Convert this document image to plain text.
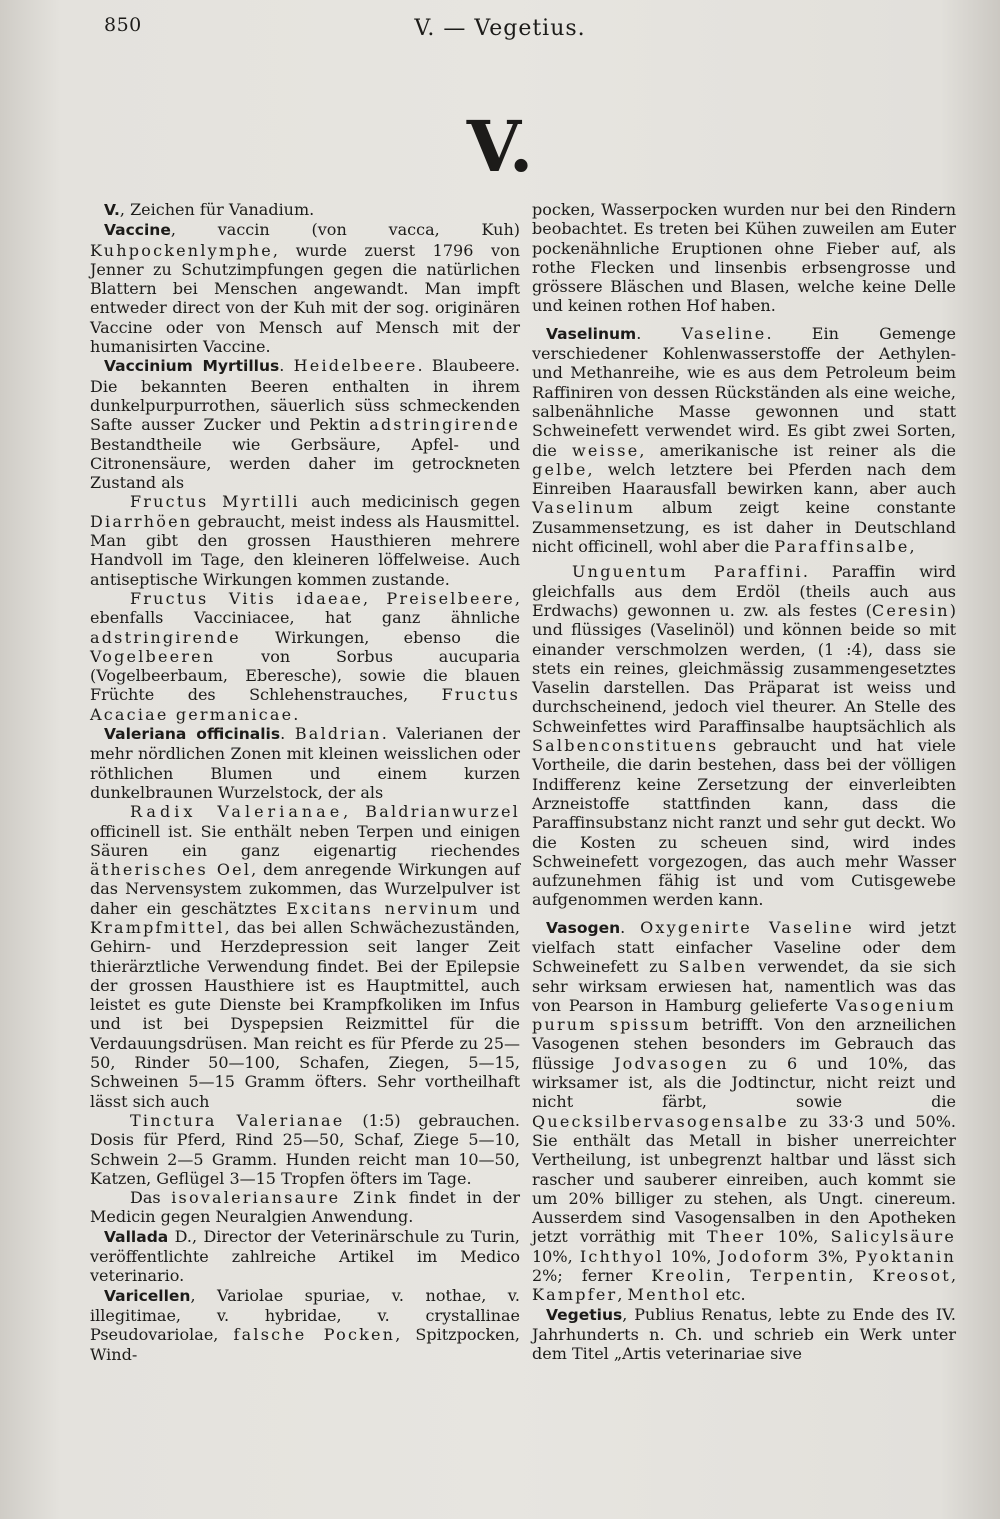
850	V. — Vegetius.
V.

V., Zeichen für Vanadium.

Vaccine, vaccin (von vacca, Kuh) Kuhpockenlymphe, wurde zuerst 1796 von Jenner zu Schutzimpfungen gegen die natürlichen Blattern bei Menschen angewandt. Man impft entweder direct von der Kuh mit der sog. originären Vaccine oder von Mensch auf Mensch mit der humanisirten Vaccine.

Vaccinium Myrtillus. Heidelbeere. Blaubeere. Die bekannten Beeren enthalten in ihrem dunkelpurpurrothen, säuerlich süss schmeckenden Safte ausser Zucker und Pektin adstringirende Bestandtheile wie Gerbsäure, Apfel- und Citronensäure, werden daher im getrockneten Zustand als

Fructus Myrtilli auch medicinisch gegen Diarrhöen gebraucht, meist indess als Hausmittel. Man gibt den grossen Hausthieren mehrere Handvoll im Tage, den kleineren löffelweise. Auch antiseptische Wirkungen kommen zustande.

Fructus Vitis idaeae, Preiselbeere, ebenfalls Vacciniacee, hat ganz ähnliche adstringirende Wirkungen, ebenso die Vogelbeeren von Sorbus aucuparia (Vogelbeerbaum, Eberesche), sowie die blauen Früchte des Schlehenstrauches, Fructus Acaciae germanicae.

Valeriana officinalis. Baldrian. Valerianen der mehr nördlichen Zonen mit kleinen weisslichen oder röthlichen Blumen und einem kurzen dunkelbraunen Wurzelstock, der als

Radix Valerianae, Baldrianwurzel officinell ist. Sie enthält neben Terpen und einigen Säuren ein ganz eigenartig riechendes ätherisches Oel, dem anregende Wirkungen auf das Nervensystem zukommen, das Wurzelpulver ist daher ein geschätztes Excitans nervinum und Krampfmittel, das bei allen Schwächezuständen, Gehirn- und Herzdepression seit langer Zeit thierärztliche Verwendung findet. Bei der Epilepsie der grossen Hausthiere ist es Hauptmittel, auch leistet es gute Dienste bei Krampfkoliken im Infus und ist bei Dyspepsien Reizmittel für die Verdauungsdrüsen. Man reicht es für Pferde zu 25—50, Rinder 50—100, Schafen, Ziegen, 5—15, Schweinen 5—15 Gramm öfters. Sehr vortheilhaft lässt sich auch

Tinctura Valerianae (1:5) gebrauchen. Dosis für Pferd, Rind 25—50, Schaf, Ziege 5—10, Schwein 2—5 Gramm. Hunden reicht man 10—50, Katzen, Geflügel 3—15 Tropfen öfters im Tage.

Das isovaleriansaure Zink findet in der Medicin gegen Neuralgien Anwendung.

Vallada D., Director der Veterinärschule zu Turin, veröffentlichte zahlreiche Artikel im Medico veterinario.

Varicellen, Variolae spuriae, v. nothae, v. illegitimae, v. hybridae, v. crystallinae Pseudovariolae, falsche Pocken, Spitzpocken, Wind-

pocken, Wasserpocken wurden nur bei den Rindern beobachtet. Es treten bei Kühen zuweilen am Euter pockenähnliche Eruptionen ohne Fieber auf, als rothe Flecken und linsenbis erbsengrosse und grössere Bläschen und Blasen, welche keine Delle und keinen rothen Hof haben.

Vaselinum. Vaseline. Ein Gemenge verschiedener Kohlenwasserstoffe der Aethylen- und Methanreihe, wie es aus dem Petroleum beim Raffiniren von dessen Rückständen als eine weiche, salbenähnliche Masse gewonnen und statt Schweinefett verwendet wird. Es gibt zwei Sorten, die weisse, amerikanische ist reiner als die gelbe, welch letztere bei Pferden nach dem Einreiben Haarausfall bewirken kann, aber auch Vaselinum album zeigt keine constante Zusammensetzung, es ist daher in Deutschland nicht officinell, wohl aber die Paraffinsalbe,

Unguentum Paraffini. Paraffin wird gleichfalls aus dem Erdöl (theils auch aus Erdwachs) gewonnen u. zw. als festes (Ceresin) und flüssiges (Vaselinöl) und können beide so mit einander verschmolzen werden, (1 :4), dass sie stets ein reines, gleichmässig zusammengesetztes Vaselin darstellen. Das Präparat ist weiss und durchscheinend, jedoch viel theurer. An Stelle des Schweinfettes wird Paraffinsalbe hauptsächlich als Salbenconstituens gebraucht und hat viele Vortheile, die darin bestehen, dass bei der völligen Indifferenz keine Zersetzung der einverleibten Arzneistoffe stattfinden kann, dass die Paraffinsubstanz nicht ranzt und sehr gut deckt. Wo die Kosten zu scheuen sind, wird indes Schweinefett vorgezogen, das auch mehr Wasser aufzunehmen fähig ist und vom Cutisgewebe aufgenommen werden kann.

Vasogen. Oxygenirte Vaseline wird jetzt vielfach statt einfacher Vaseline oder dem Schweinefett zu Salben verwendet, da sie sich sehr wirksam erwiesen hat, namentlich was das von Pearson in Hamburg gelieferte Vasogenium purum spissum betrifft. Von den arzneilichen Vasogenen stehen besonders im Gebrauch das flüssige Jodvasogen zu 6 und 10%, das wirksamer ist, als die Jodtinctur, nicht reizt und nicht färbt, sowie die Quecksilbervasogensalbe zu 33·3 und 50%. Sie enthält das Metall in bisher unerreichter Vertheilung, ist unbegrenzt haltbar und lässt sich rascher und sauberer einreiben, auch kommt sie um 20% billiger zu stehen, als Ungt. cinereum. Ausserdem sind Vasogensalben in den Apotheken jetzt vorräthig mit Theer 10%, Salicylsäure 10%, Ichthyol 10%, Jodoform 3%, Pyoktanin 2%; ferner Kreolin, Terpentin, Kreosot, Kampfer, Menthol etc.

Vegetius, Publius Renatus, lebte zu Ende des IV. Jahrhunderts n. Ch. und schrieb ein Werk unter dem Titel „Artis veterinariae sive
